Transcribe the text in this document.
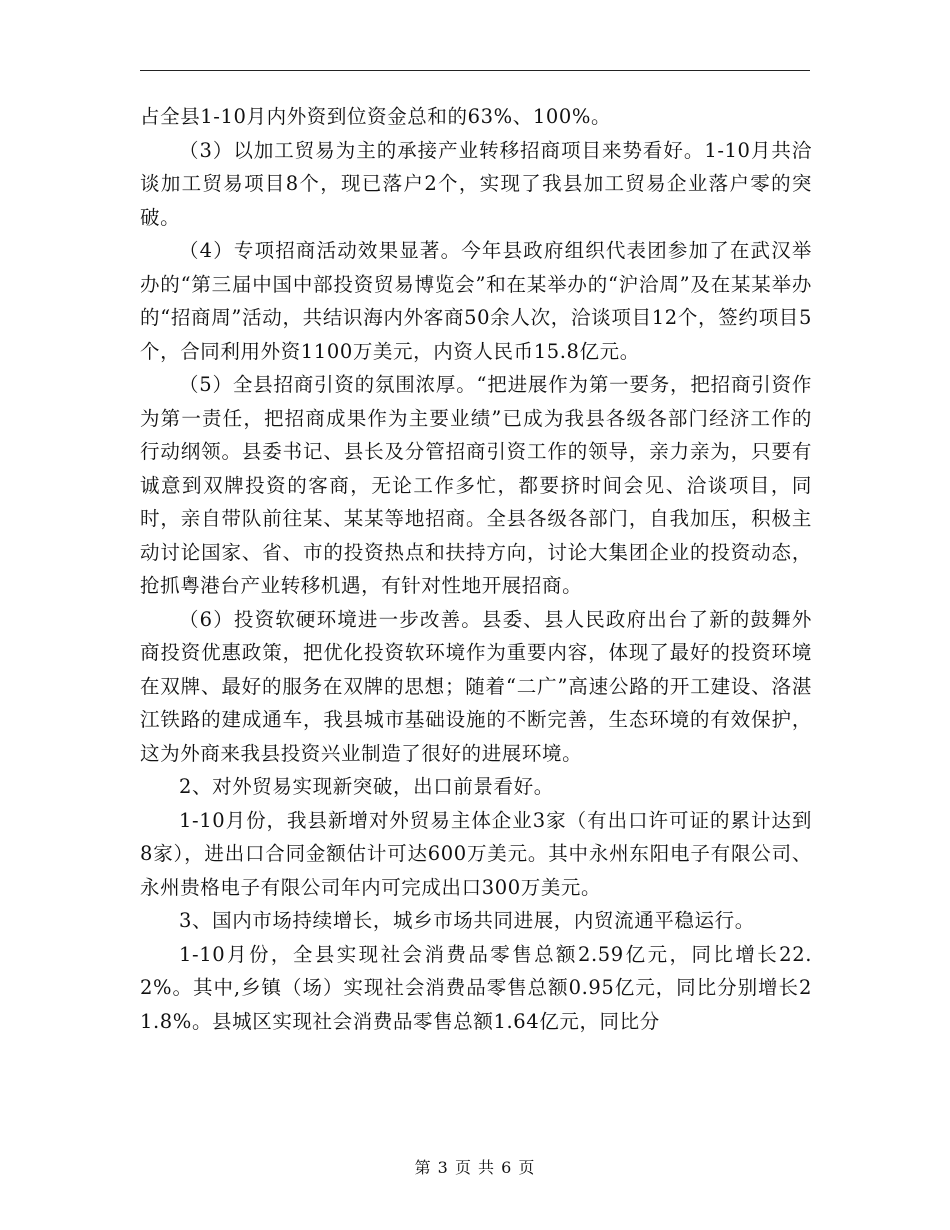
占全县1-10月内外资到位资金总和的63%、100%。

（3）以加工贸易为主的承接产业转移招商项目来势看好。1-10月共洽谈加工贸易项目8个，现已落户2个，实现了我县加工贸易企业落户零的突破。

（4）专项招商活动效果显著。今年县政府组织代表团参加了在武汉举办的“第三届中国中部投资贸易博览会”和在某举办的“沪洽周”及在某某举办的“招商周”活动，共结识海内外客商50余人次，洽谈项目12个，签约项目5个，合同利用外资1100万美元，内资人民币15.8亿元。

（5）全县招商引资的氛围浓厚。“把进展作为第一要务，把招商引资作为第一责任，把招商成果作为主要业绩”已成为我县各级各部门经济工作的行动纲领。县委书记、县长及分管招商引资工作的领导，亲力亲为，只要有诚意到双牌投资的客商，无论工作多忙，都要挤时间会见、洽谈项目，同时，亲自带队前往某、某某等地招商。全县各级各部门，自我加压，积极主动讨论国家、省、市的投资热点和扶持方向，讨论大集团企业的投资动态，抢抓粤港台产业转移机遇，有针对性地开展招商。

（6）投资软硬环境进一步改善。县委、县人民政府出台了新的鼓舞外商投资优惠政策，把优化投资软环境作为重要内容，体现了最好的投资环境在双牌、最好的服务在双牌的思想；随着“二广”高速公路的开工建设、洛湛江铁路的建成通车，我县城市基础设施的不断完善，生态环境的有效保护，这为外商来我县投资兴业制造了很好的进展环境。

2、对外贸易实现新突破，出口前景看好。

1-10月份，我县新增对外贸易主体企业3家（有出口许可证的累计达到8家），进出口合同金额估计可达600万美元。其中永州东阳电子有限公司、永州贵格电子有限公司年内可完成出口300万美元。

3、国内市场持续增长，城乡市场共同进展，内贸流通平稳运行。

1-10月份，全县实现社会消费品零售总额2.59亿元，同比增长22.2%。其中,乡镇（场）实现社会消费品零售总额0.95亿元，同比分别增长21.8%。县城区实现社会消费品零售总额1.64亿元，同比分

第 3 页 共 6 页
